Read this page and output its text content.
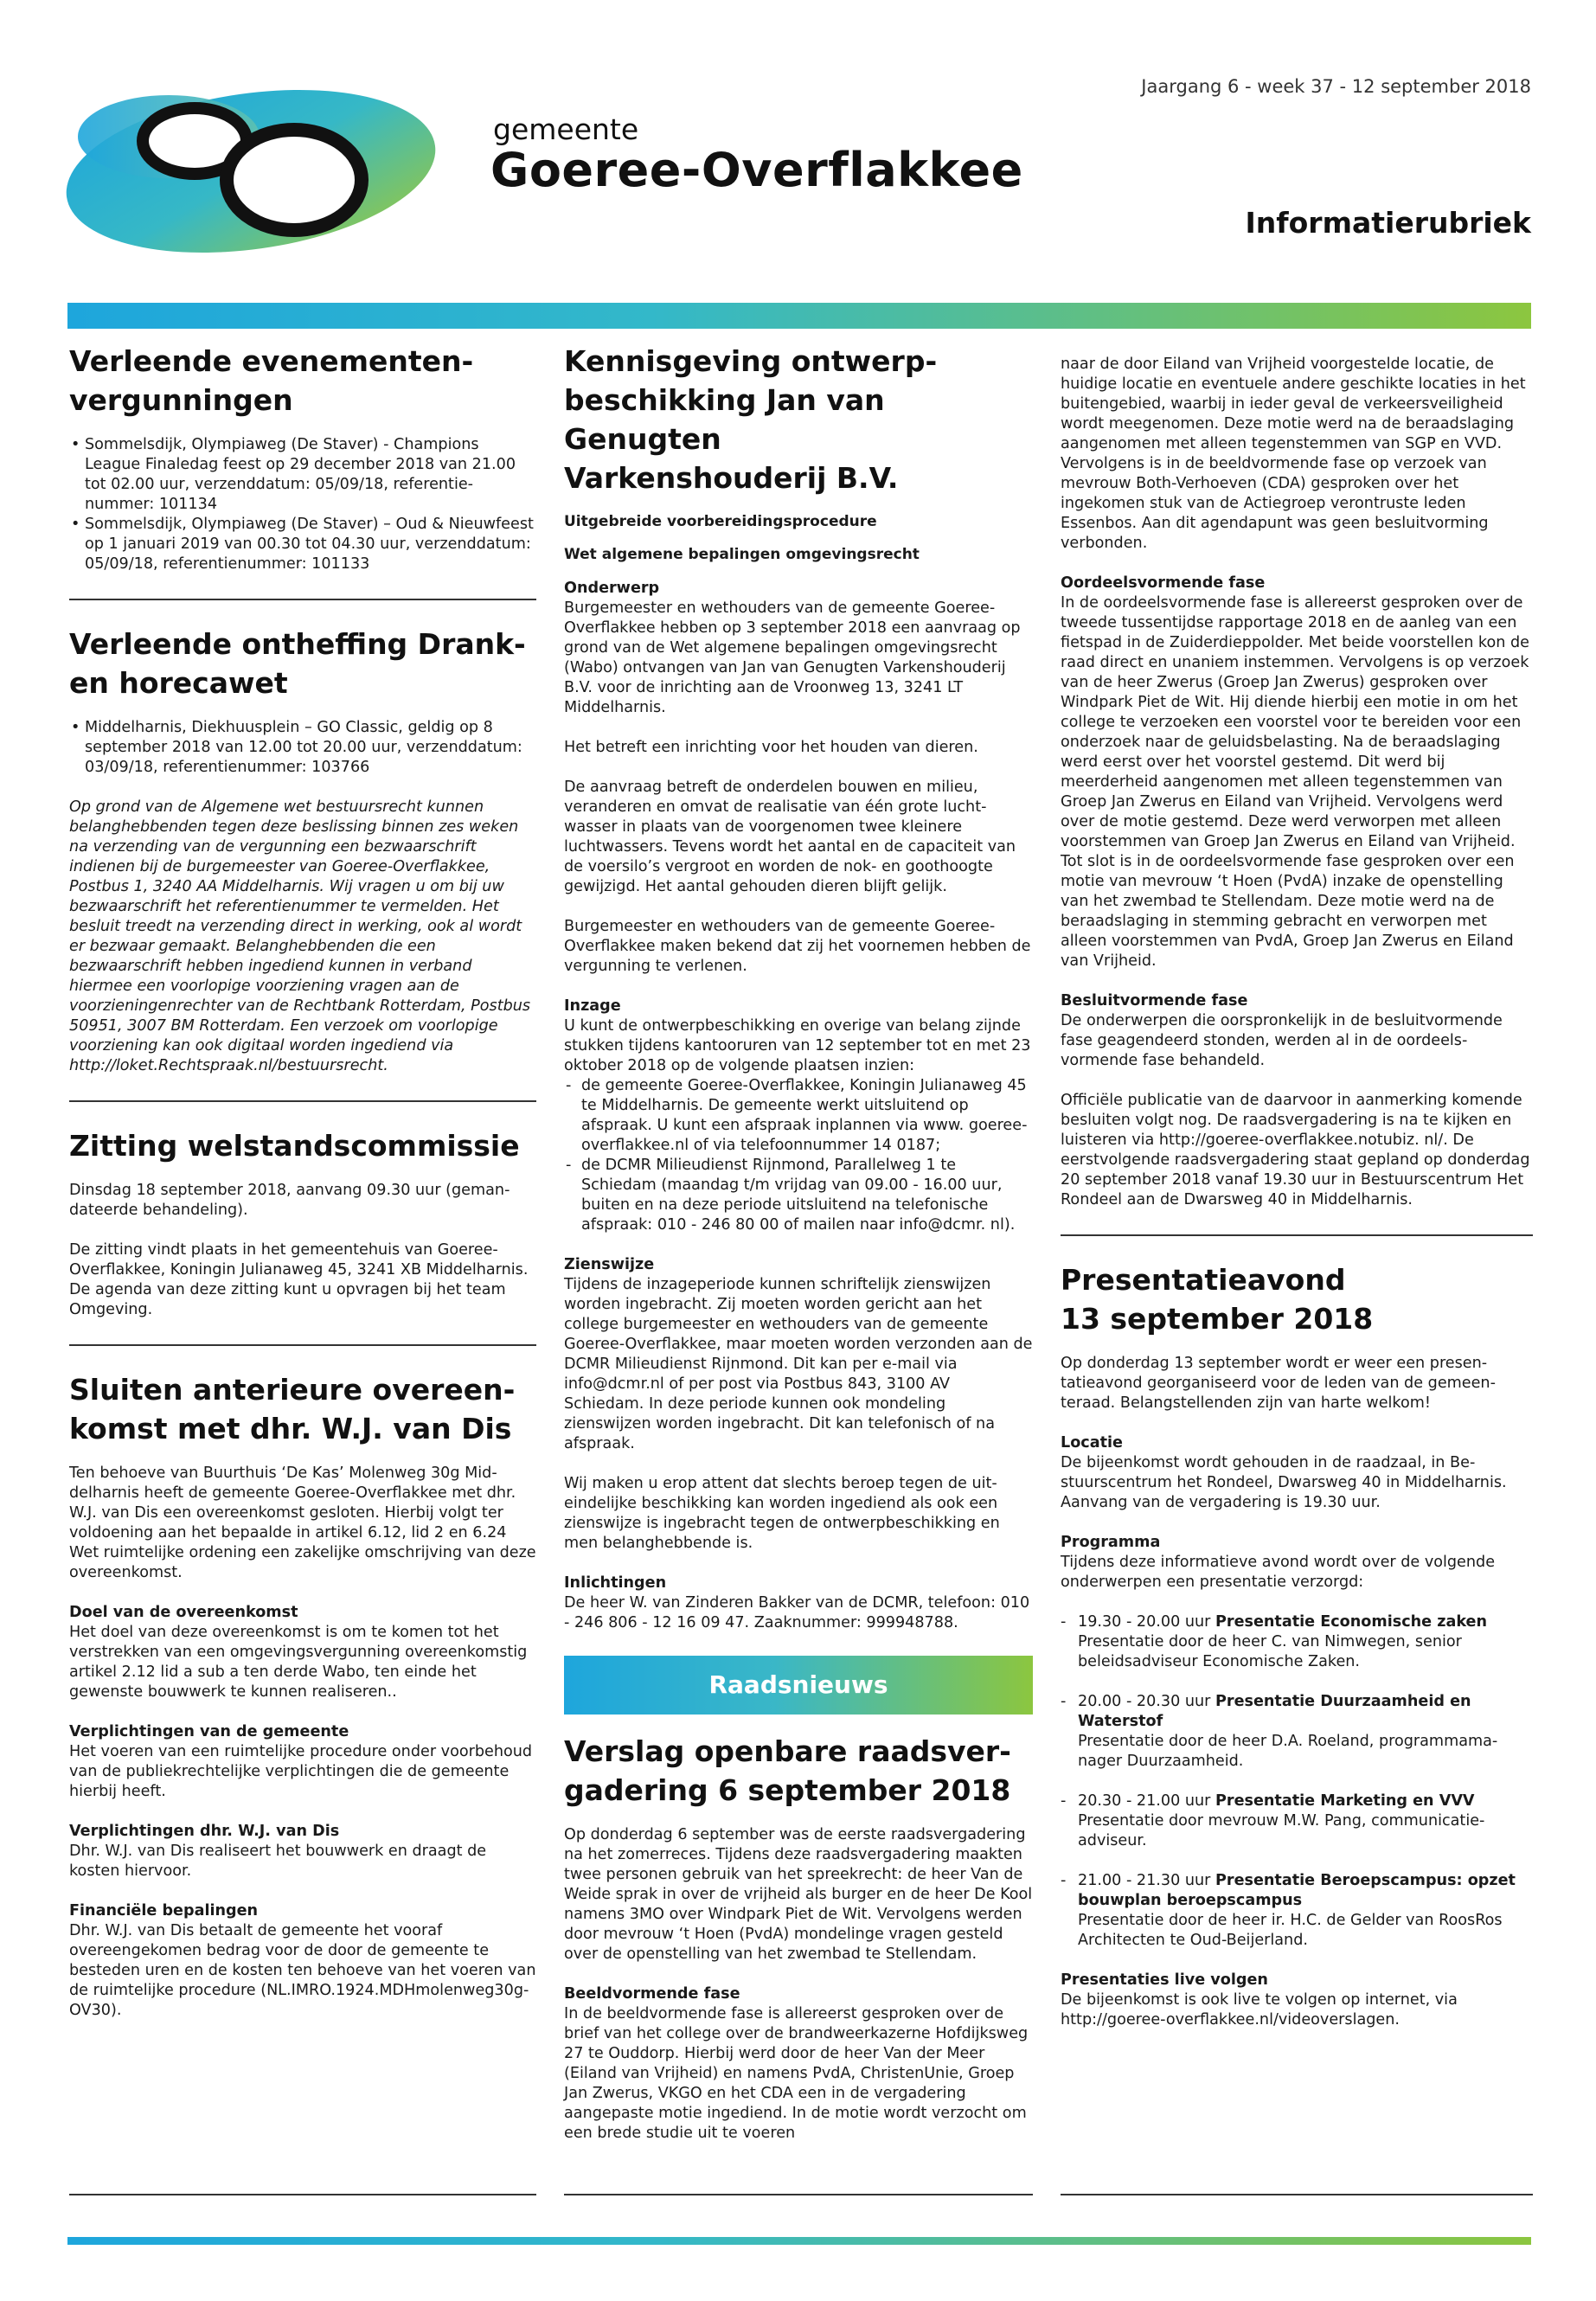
Jaargang 6 - week 37 - 12 september 2018
gemeente
Goeree-Overflakkee
Informatierubriek
Verleende evenementen-
vergunningen
• Sommelsdijk, Olympiaweg (De Staver) - Champions League Finaledag feest op 29 december 2018 van 21.00 tot 02.00 uur, verzenddatum: 05/09/18, referentienummer: 101134
• Sommelsdijk, Olympiaweg (De Staver) – Oud & Nieuwfeest op 1 januari 2019 van 00.30 tot 04.30 uur, verzenddatum: 05/09/18, referentienummer: 101133
Verleende ontheffing Drank-
en horecawet
• Middelharnis, Diekhuusplein – GO Classic, geldig op 8 september 2018 van 12.00 tot 20.00 uur, verzenddatum: 03/09/18, referentienummer: 103766

Op grond van de Algemene wet bestuursrecht kunnen belanghebbenden tegen deze beslissing binnen zes weken na verzending van de vergunning een bezwaarschrift indienen bij de burgemeester van Goeree-Overflakkee, Postbus 1, 3240 AA Middelharnis. Wij vragen u om bij uw bezwaarschrift het referentienummer te vermelden. Het besluit treedt na verzending direct in werking, ook al wordt er bezwaar gemaakt. Belanghebbenden die een bezwaarschrift hebben ingediend kunnen in verband hiermee een voorlopige voorziening vragen aan de voorzieningenrechter van de Rechtbank Rotterdam, Postbus 50951, 3007 BM Rotterdam. Een verzoek om voorlopige voorziening kan ook digitaal worden ingediend via http://loket.Rechtspraak.nl/bestuursrecht.

Zitting welstandscommissie

Dinsdag 18 september 2018, aanvang 09.30 uur (gemandateerde behandeling).

De zitting vindt plaats in het gemeentehuis van Goeree-Overflakkee, Koningin Julianaweg 45, 3241 XB Middelharnis. De agenda van deze zitting kunt u opvragen bij het team Omgeving.

Sluiten anterieure overeen-
komst met dhr. W.J. van Dis

Ten behoeve van Buurthuis ‘De Kas’ Molenweg 30g Middelharnis heeft de gemeente Goeree-Overflakkee met dhr. W.J. van Dis een overeenkomst gesloten. Hierbij volgt ter voldoening aan het bepaalde in artikel 6.12, lid 2 en 6.24 Wet ruimtelijke ordening een zakelijke omschrijving van deze overeenkomst.

Doel van de overeenkomst

Het doel van deze overeenkomst is om te komen tot het verstrekken van een omgevingsvergunning overeenkomstig artikel 2.12 lid a sub a ten derde Wabo, ten einde het gewenste bouwwerk te kunnen realiseren..

Verplichtingen van de gemeente

Het voeren van een ruimtelijke procedure onder voorbehoud van de publiekrechtelijke verplichtingen die de gemeente hierbij heeft.

Verplichtingen dhr. W.J. van Dis

Dhr. W.J. van Dis realiseert het bouwwerk en draagt de kosten hiervoor.

Financiële bepalingen

Dhr. W.J. van Dis betaalt de gemeente het vooraf overeengekomen bedrag voor de door de gemeente te besteden uren en de kosten ten behoeve van het voeren van de ruimtelijke procedure (NL.IMRO.1924.MDHmolenweg30g-OV30).

Kennisgeving ontwerp-
beschikking Jan van Genugten
Varkenshouderij B.V.
Uitgebreide voorbereidingsprocedure
Wet algemene bepalingen omgevingsrecht
Onderwerp

Burgemeester en wethouders van de gemeente Goeree-Overflakkee hebben op 3 september 2018 een aanvraag op grond van de Wet algemene bepalingen omgevingsrecht (Wabo) ontvangen van Jan van Genugten Varkenshouderij B.V. voor de inrichting aan de Vroonweg 13, 3241 LT Middelharnis.

Het betreft een inrichting voor het houden van dieren.

De aanvraag betreft de onderdelen bouwen en milieu, veranderen en omvat de realisatie van één grote luchtwasser in plaats van de voorgenomen twee kleinere luchtwassers. Tevens wordt het aantal en de capaciteit van de voersilo’s vergroot en worden de nok- en goothoogte gewijzigd. Het aantal gehouden dieren blijft gelijk.

Burgemeester en wethouders van de gemeente Goeree-Overflakkee maken bekend dat zij het voornemen hebben de vergunning te verlenen.

Inzage

U kunt de ontwerpbeschikking en overige van belang zijnde stukken tijdens kantooruren van 12 september tot en met 23 oktober 2018 op de volgende plaatsen inzien:

- de gemeente Goeree-Overflakkee, Koningin Julianaweg 45 te Middelharnis. De gemeente werkt uitsluitend op afspraak. U kunt een afspraak inplannen via www. goeree-overflakkee.nl of via telefoonnummer 14 0187;
- de DCMR Milieudienst Rijnmond, Parallelweg 1 te Schiedam (maandag t/m vrijdag van 09.00 - 16.00 uur, buiten en na deze periode uitsluitend na telefonische afspraak: 010 - 246 80 00 of mailen naar info@dcmr. nl).
Zienswijze

Tijdens de inzageperiode kunnen schriftelijk zienswijzen worden ingebracht. Zij moeten worden gericht aan het college burgemeester en wethouders van de gemeente Goeree-Overflakkee, maar moeten worden verzonden aan de DCMR Milieudienst Rijnmond. Dit kan per e-mail via info@dcmr.nl of per post via Postbus 843, 3100 AV Schiedam. In deze periode kunnen ook mondeling zienswijzen worden ingebracht. Dit kan telefonisch of na afspraak.

Wij maken u erop attent dat slechts beroep tegen de uiteindelijke beschikking kan worden ingediend als ook een zienswijze is ingebracht tegen de ontwerpbeschikking en men belanghebbende is.

Inlichtingen

De heer W. van Zinderen Bakker van de DCMR, telefoon: 010 - 246 806 - 12 16 09 47. Zaaknummer: 999948788.

Raadsnieuws
Verslag openbare raadsver-
gadering 6 september 2018

Op donderdag 6 september was de eerste raadsvergadering na het zomerreces. Tijdens deze raadsvergadering maakten twee personen gebruik van het spreekrecht: de heer Van de Weide sprak in over de vrijheid als burger en de heer De Kool namens 3MO over Windpark Piet de Wit. Vervolgens werden door mevrouw ‘t Hoen (PvdA) mondelinge vragen gesteld over de openstelling van het zwembad te Stellendam.

Beeldvormende fase

In de beeldvormende fase is allereerst gesproken over de brief van het college over de brandweerkazerne Hofdijksweg 27 te Ouddorp. Hierbij werd door de heer Van der Meer (Eiland van Vrijheid) en namens PvdA, ChristenUnie, Groep Jan Zwerus, VKGO en het CDA een in de vergadering aangepaste motie ingediend. In de motie wordt verzocht om een brede studie uit te voeren

naar de door Eiland van Vrijheid voorgestelde locatie, de huidige locatie en eventuele andere geschikte locaties in het buitengebied, waarbij in ieder geval de verkeersveiligheid wordt meegenomen. Deze motie werd na de beraadslaging aangenomen met alleen tegenstemmen van SGP en VVD. Vervolgens is in de beeldvormende fase op verzoek van mevrouw Both-Verhoeven (CDA) gesproken over het ingekomen stuk van de Actiegroep verontruste leden Essenbos. Aan dit agendapunt was geen besluitvorming verbonden.

Oordeelsvormende fase

In de oordeelsvormende fase is allereerst gesproken over de tweede tussentijdse rapportage 2018 en de aanleg van een fietspad in de Zuiderdieppolder. Met beide voorstellen kon de raad direct en unaniem instemmen. Vervolgens is op verzoek van de heer Zwerus (Groep Jan Zwerus) gesproken over Windpark Piet de Wit. Hij diende hierbij een motie in om het college te verzoeken een voorstel voor te bereiden voor een onderzoek naar de geluidsbelasting. Na de beraadslaging werd eerst over het voorstel gestemd. Dit werd bij meerderheid aangenomen met alleen tegenstemmen van Groep Jan Zwerus en Eiland van Vrijheid. Vervolgens werd over de motie gestemd. Deze werd verworpen met alleen voorstemmen van Groep Jan Zwerus en Eiland van Vrijheid. Tot slot is in de oordeelsvormende fase gesproken over een motie van mevrouw ‘t Hoen (PvdA) inzake de openstelling van het zwembad te Stellendam. Deze motie werd na de beraadslaging in stemming gebracht en verworpen met alleen voorstemmen van PvdA, Groep Jan Zwerus en Eiland van Vrijheid.

Besluitvormende fase

De onderwerpen die oorspronkelijk in de besluitvormende fase geagendeerd stonden, werden al in de oordeelsvormende fase behandeld.

Officiële publicatie van de daarvoor in aanmerking komende besluiten volgt nog. De raadsvergadering is na te kijken en luisteren via http://goeree-overflakkee.notubiz. nl/. De eerstvolgende raadsvergadering staat gepland op donderdag 20 september 2018 vanaf 19.30 uur in Bestuurscentrum Het Rondeel aan de Dwarsweg 40 in Middelharnis.

Presentatieavond
13 september 2018

Op donderdag 13 september wordt er weer een presentatieavond georganiseerd voor de leden van de gemeenteraad. Belangstellenden zijn van harte welkom!

Locatie

De bijeenkomst wordt gehouden in de raadzaal, in Bestuurscentrum het Rondeel, Dwarsweg 40 in Middelharnis. Aanvang van de vergadering is 19.30 uur.

Programma

Tijdens deze informatieve avond wordt over de volgende onderwerpen een presentatie verzorgd:

- 19.30 - 20.00 uur Presentatie Economische zaken
Presentatie door de heer C. van Nimwegen, senior beleidsadviseur Economische Zaken.
- 20.00 - 20.30 uur Presentatie Duurzaamheid en Waterstof
Presentatie door de heer D.A. Roeland, programmamanager Duurzaamheid.
- 20.30 - 21.00 uur Presentatie Marketing en VVV
Presentatie door mevrouw M.W. Pang, communicatieadviseur.
- 21.00 - 21.30 uur Presentatie Beroepscampus: opzet bouwplan beroepscampus
Presentatie door de heer ir. H.C. de Gelder van RoosRos Architecten te Oud-Beijerland.
Presentaties live volgen

De bijeenkomst is ook live te volgen op internet, via http://goeree-overflakkee.nl/videoverslagen.
